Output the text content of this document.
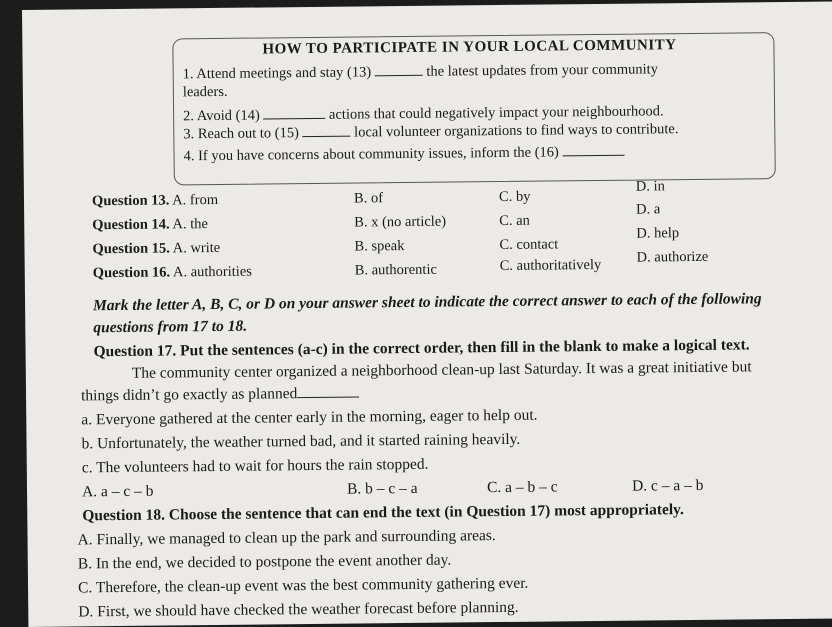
HOW TO PARTICIPATE IN YOUR LOCAL COMMUNITY
1. Attend meetings and stay (13)	the latest updates from your community
leaders.
2. Avoid (14)	actions that could negatively impact your neighbourhood.
3. Reach out to (15)	local volunteer organizations to find ways to contribute.
4. If you have concerns about community issues, inform the (16)
Question 13. A. from	B. of	C. by
D. in
Question 14. A. the	B. x (no article)	C. an
D. a
Question 15. A. write	B. speak	C. contact
D. help
Question 16. A. authorities	B. authorentic	C. authoritatively D. authorize
Mark the letter A, B, C, or D on your answer sheet to indicate the correct answer to each of the following
questions from 17 to 18.
Question 17. Put the sentences (a-c) in the correct order, then fill in the blank to make a logical text.
The community center organized a neighborhood clean-up last Saturday. It was a great initiative but
things didn’t go exactly as planned
a. Everyone gathered at the center early in the morning, eager to help out.
b. Unfortunately, the weather turned bad, and it started raining heavily.
c. The volunteers had to wait for hours the rain stopped.
A. a – c – b	B. b – c – a	C. a – b – c	D. c – a – b
Question 18. Choose the sentence that can end the text (in Question 17) most appropriately.
A. Finally, we managed to clean up the park and surrounding areas.
B. In the end, we decided to postpone the event another day.
C. Therefore, the clean-up event was the best community gathering ever.
D. First, we should have checked the weather forecast before planning.
